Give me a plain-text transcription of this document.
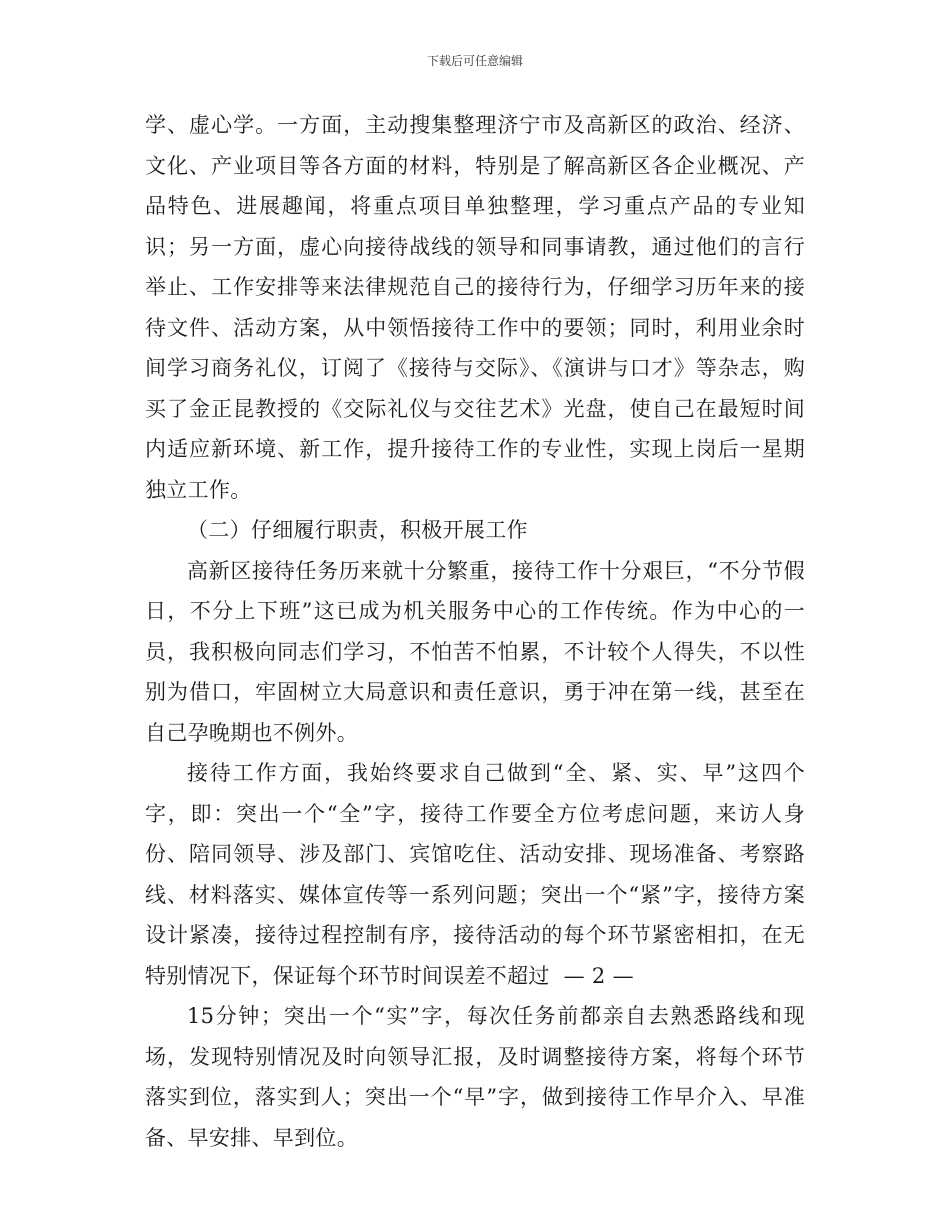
下载后可任意编辑

学、虚心学。一方面，主动搜集整理济宁市及高新区的政治、经济、文化、产业项目等各方面的材料，特别是了解高新区各企业概况、产品特色、进展趣闻，将重点项目单独整理，学习重点产品的专业知识；另一方面，虚心向接待战线的领导和同事请教，通过他们的言行举止、工作安排等来法律规范自己的接待行为，仔细学习历年来的接待文件、活动方案，从中领悟接待工作中的要领；同时，利用业余时间学习商务礼仪，订阅了《接待与交际》、《演讲与口才》等杂志，购买了金正昆教授的《交际礼仪与交往艺术》光盘，使自己在最短时间内适应新环境、新工作，提升接待工作的专业性，实现上岗后一星期独立工作。

（二）仔细履行职责，积极开展工作

高新区接待任务历来就十分繁重，接待工作十分艰巨，“不分节假日，不分上下班”这已成为机关服务中心的工作传统。作为中心的一员，我积极向同志们学习，不怕苦不怕累，不计较个人得失，不以性别为借口，牢固树立大局意识和责任意识，勇于冲在第一线，甚至在自己孕晚期也不例外。

接待工作方面，我始终要求自己做到“全、紧、实、早”这四个字，即：突出一个“全”字，接待工作要全方位考虑问题，来访人身份、陪同领导、涉及部门、宾馆吃住、活动安排、现场准备、考察路线、材料落实、媒体宣传等一系列问题；突出一个“紧”字，接待方案设计紧凑，接待过程控制有序，接待活动的每个环节紧密相扣，在无特别情况下，保证每个环节时间误差不超过 — 2 —

15分钟；突出一个“实”字，每次任务前都亲自去熟悉路线和现场，发现特别情况及时向领导汇报，及时调整接待方案，将每个环节落实到位，落实到人；突出一个“早”字，做到接待工作早介入、早准备、早安排、早到位。
